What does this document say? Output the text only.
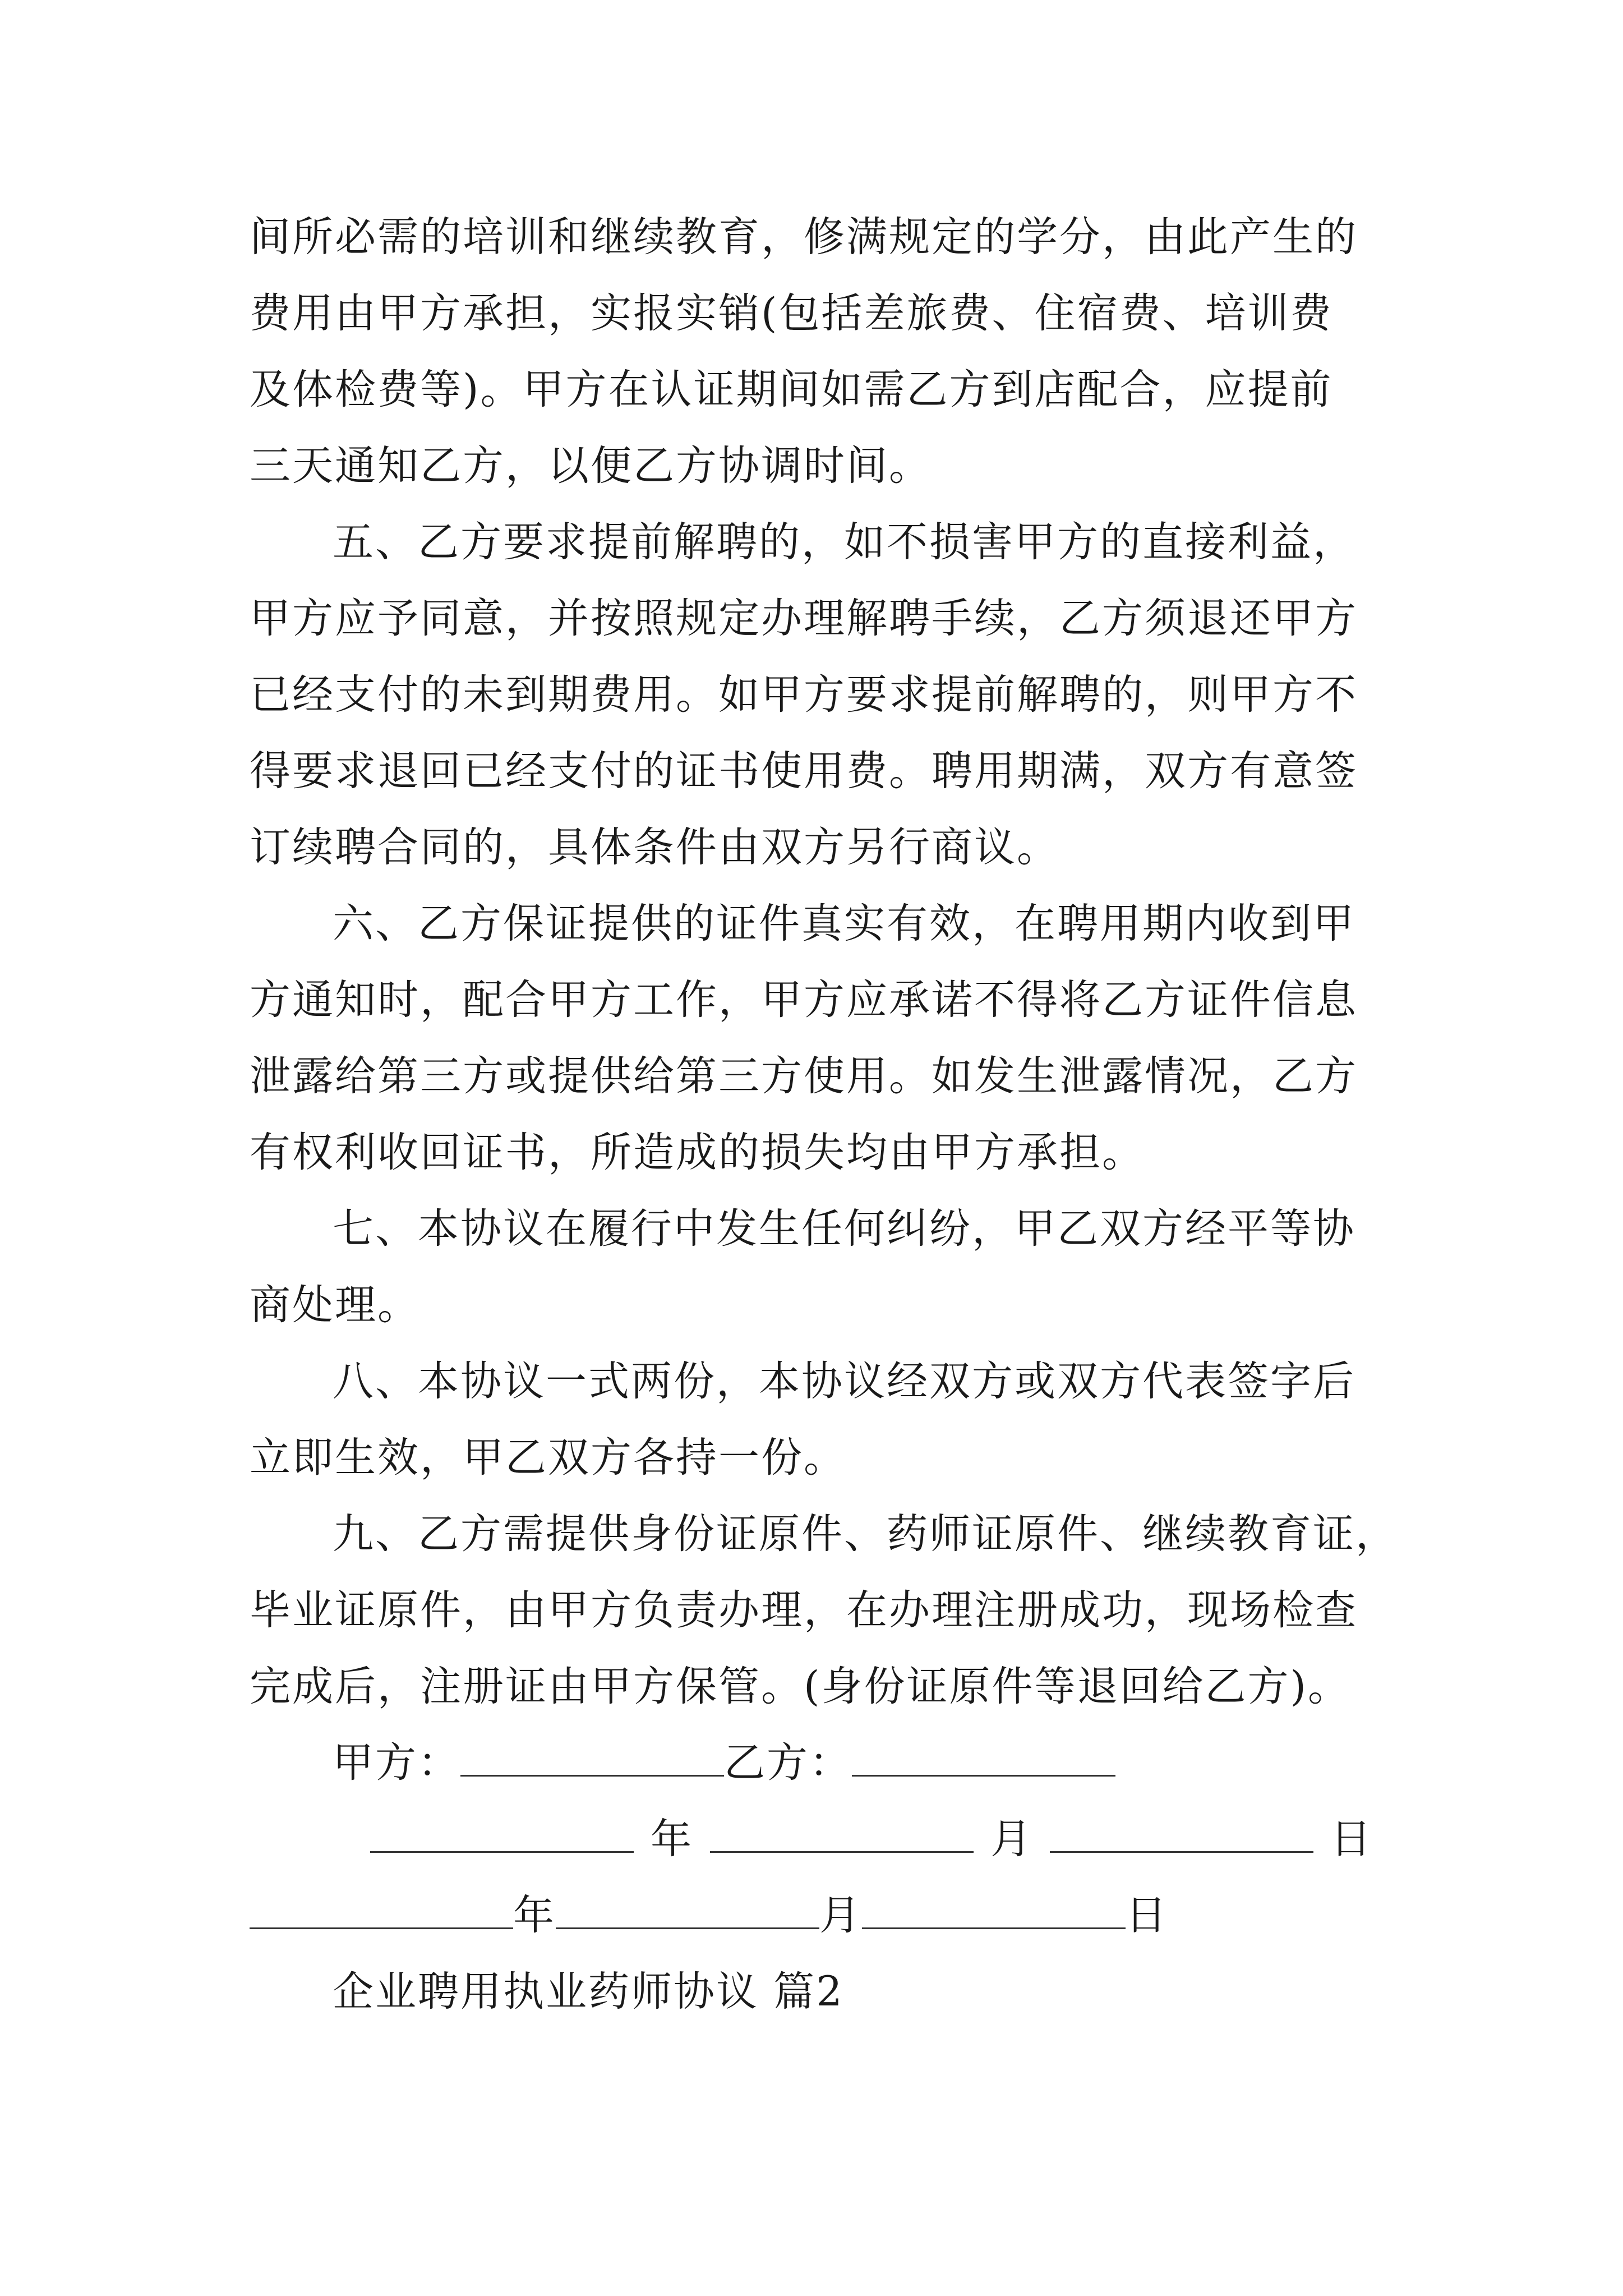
间所必需的培训和继续教育，修满规定的学分，由此产生的
费用由甲方承担，实报实销(包括差旅费、住宿费、培训费
及体检费等)。甲方在认证期间如需乙方到店配合，应提前
三天通知乙方，以便乙方协调时间。
五、乙方要求提前解聘的，如不损害甲方的直接利益，
甲方应予同意，并按照规定办理解聘手续，乙方须退还甲方
已经支付的未到期费用。如甲方要求提前解聘的，则甲方不
得要求退回已经支付的证书使用费。聘用期满，双方有意签
订续聘合同的，具体条件由双方另行商议。
六、乙方保证提供的证件真实有效，在聘用期内收到甲
方通知时，配合甲方工作，甲方应承诺不得将乙方证件信息
泄露给第三方或提供给第三方使用。如发生泄露情况，乙方
有权利收回证书，所造成的损失均由甲方承担。
七、本协议在履行中发生任何纠纷，甲乙双方经平等协
商处理。
八、本协议一式两份，本协议经双方或双方代表签字后
立即生效，甲乙双方各持一份。
九、乙方需提供身份证原件、药师证原件、继续教育证，
毕业证原件，由甲方负责办理，在办理注册成功，现场检查
完成后，注册证由甲方保管。(身份证原件等退回给乙方)。
甲方：	乙方：
年	月	日
年	月	日
企业聘用执业药师协议 篇2
